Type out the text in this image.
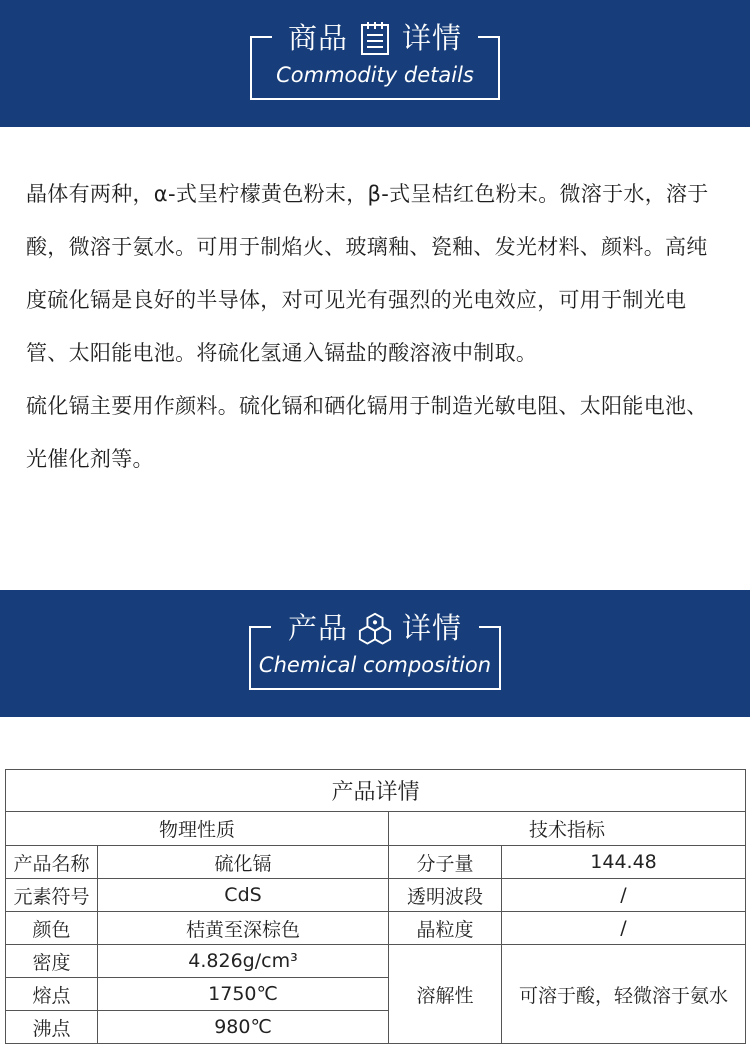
商品 详情
Commodity details

晶体有两种，α-式呈柠檬黄色粉末，β-式呈桔红色粉末。微溶于水，溶于酸，微溶于氨水。可用于制焰火、玻璃釉、瓷釉、发光材料、颜料。高纯度硫化镉是良好的半导体，对可见光有强烈的光电效应，可用于制光电管、太阳能电池。将硫化氢通入镉盐的酸溶液中制取。

硫化镉主要用作颜料。硫化镉和硒化镉用于制造光敏电阻、太阳能电池、光催化剂等。

产品 详情
Chemical composition
产品详情			
物理性质		技术指标	
产品名称	硫化镉	分子量	144.48
元素符号	CdS	透明波段	/
颜色	桔黄至深棕色	晶粒度	/
密度	4.826g/cm³	溶解性	可溶于酸，轻微溶于氨水
熔点	1750℃		
沸点	980℃		
